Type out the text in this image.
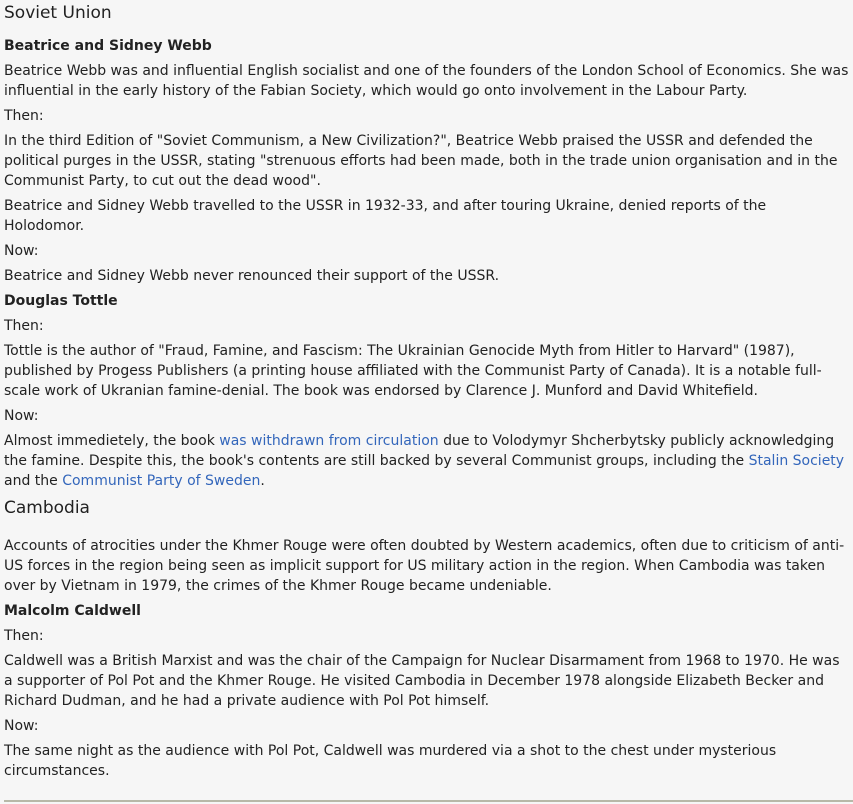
Soviet Union
Beatrice and Sidney Webb

Beatrice Webb was and influential English socialist and one of the founders of the London School of Economics. She was influential in the early history of the Fabian Society, which would go onto involvement in the Labour Party.

Then:

In the third Edition of "Soviet Communism, a New Civilization?", Beatrice Webb praised the USSR and defended the political purges in the USSR, stating "strenuous efforts had been made, both in the trade union organisation and in the Communist Party, to cut out the dead wood".

Beatrice and Sidney Webb travelled to the USSR in 1932-33, and after touring Ukraine, denied reports of the Holodomor.

Now:

Beatrice and Sidney Webb never renounced their support of the USSR.

Douglas Tottle

Then:

Tottle is the author of "Fraud, Famine, and Fascism: The Ukrainian Genocide Myth from Hitler to Harvard" (1987), published by Progess Publishers (a printing house affiliated with the Communist Party of Canada). It is a notable full-scale work of Ukranian famine-denial. The book was endorsed by Clarence J. Munford and David Whitefield.

Now:

Almost immedietely, the book was withdrawn from circulation due to Volodymyr Shcherbytsky publicly acknowledging the famine. Despite this, the book's contents are still backed by several Communist groups, including the Stalin Society and the Communist Party of Sweden.

Cambodia

Accounts of atrocities under the Khmer Rouge were often doubted by Western academics, often due to criticism of anti-US forces in the region being seen as implicit support for US military action in the region. When Cambodia was taken over by Vietnam in 1979, the crimes of the Khmer Rouge became undeniable.

Malcolm Caldwell

Then:

Caldwell was a British Marxist and was the chair of the Campaign for Nuclear Disarmament from 1968 to 1970. He was a supporter of Pol Pot and the Khmer Rouge. He visited Cambodia in December 1978 alongside Elizabeth Becker and Richard Dudman, and he had a private audience with Pol Pot himself.

Now:

The same night as the audience with Pol Pot, Caldwell was murdered via a shot to the chest under mysterious circumstances.
